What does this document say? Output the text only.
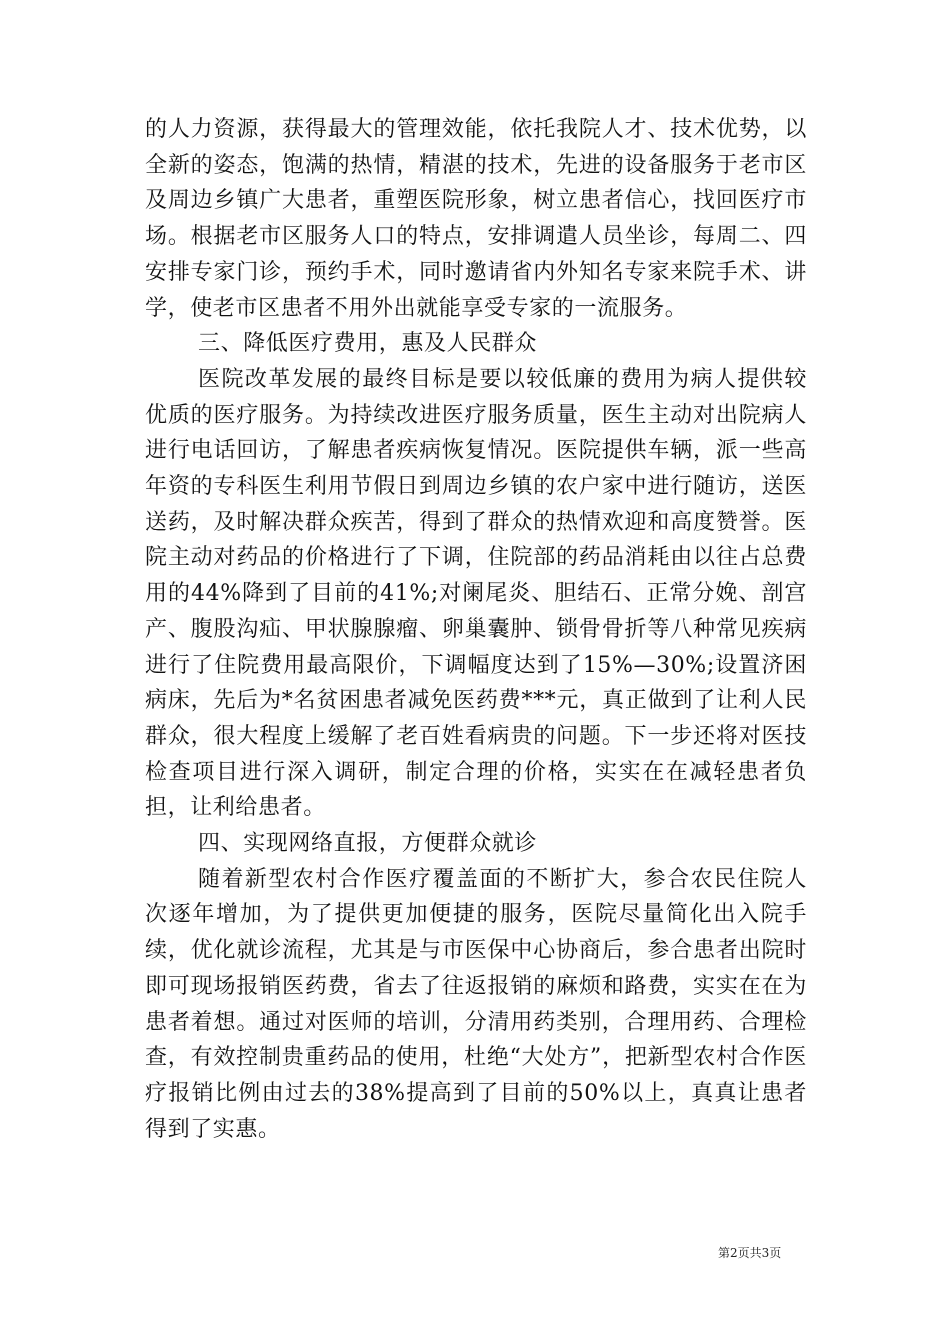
的人力资源，获得最大的管理效能，依托我院人才、技术优势，以全新的姿态，饱满的热情，精湛的技术，先进的设备服务于老市区及周边乡镇广大患者，重塑医院形象，树立患者信心，找回医疗市场。根据老市区服务人口的特点，安排调遣人员坐诊，每周二、四安排专家门诊，预约手术，同时邀请省内外知名专家来院手术、讲学，使老市区患者不用外出就能享受专家的一流服务。

三、降低医疗费用，惠及人民群众

医院改革发展的最终目标是要以较低廉的费用为病人提供较优质的医疗服务。为持续改进医疗服务质量，医生主动对出院病人进行电话回访，了解患者疾病恢复情况。医院提供车辆，派一些高年资的专科医生利用节假日到周边乡镇的农户家中进行随访，送医送药，及时解决群众疾苦，得到了群众的热情欢迎和高度赞誉。医院主动对药品的价格进行了下调，住院部的药品消耗由以往占总费用的44%降到了目前的41%;对阑尾炎、胆结石、正常分娩、剖宫产、腹股沟疝、甲状腺腺瘤、卵巢囊肿、锁骨骨折等八种常见疾病进行了住院费用最高限价，下调幅度达到了15%—30%;设置济困病床，先后为*名贫困患者减免医药费***元，真正做到了让利人民群众，很大程度上缓解了老百姓看病贵的问题。下一步还将对医技检查项目进行深入调研，制定合理的价格，实实在在减轻患者负担，让利给患者。

四、实现网络直报，方便群众就诊

随着新型农村合作医疗覆盖面的不断扩大，参合农民住院人次逐年增加，为了提供更加便捷的服务，医院尽量简化出入院手续，优化就诊流程，尤其是与市医保中心协商后，参合患者出院时即可现场报销医药费，省去了往返报销的麻烦和路费，实实在在为患者着想。通过对医师的培训，分清用药类别，合理用药、合理检查，有效控制贵重药品的使用，杜绝“大处方”，把新型农村合作医疗报销比例由过去的38%提高到了目前的50%以上，真真让患者得到了实惠。

第2页共3页
